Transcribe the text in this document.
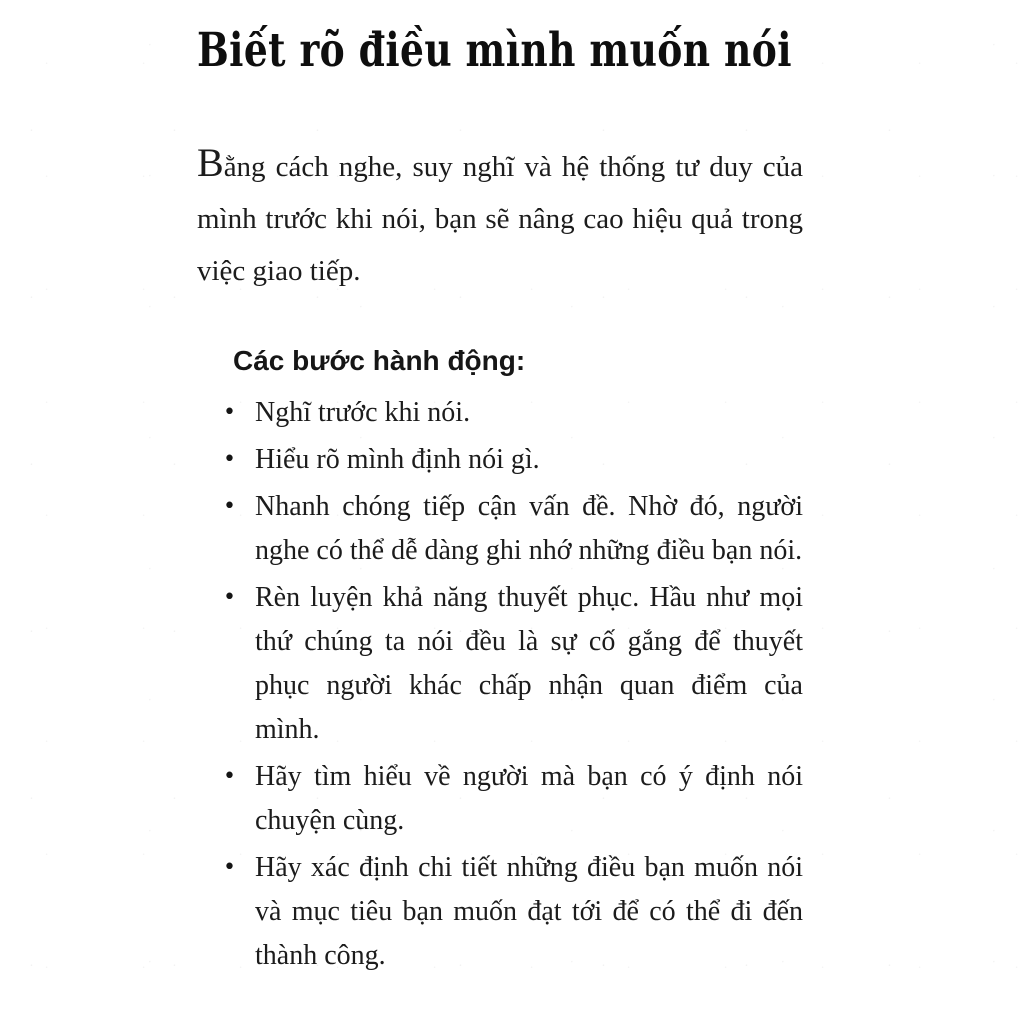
Biết rõ điều mình muốn nói

Bằng cách nghe, suy nghĩ và hệ thống tư duy của mình trước khi nói, bạn sẽ nâng cao hiệu quả trong việc giao tiếp.

Các bước hành động:
• Nghĩ trước khi nói.
• Hiểu rõ mình định nói gì.
• Nhanh chóng tiếp cận vấn đề. Nhờ đó, người nghe có thể dễ dàng ghi nhớ những điều bạn nói.
• Rèn luyện khả năng thuyết phục. Hầu như mọi thứ chúng ta nói đều là sự cố gắng để thuyết phục người khác chấp nhận quan điểm của mình.
• Hãy tìm hiểu về người mà bạn có ý định nói chuyện cùng.
• Hãy xác định chi tiết những điều bạn muốn nói và mục tiêu bạn muốn đạt tới để có thể đi đến thành công.
